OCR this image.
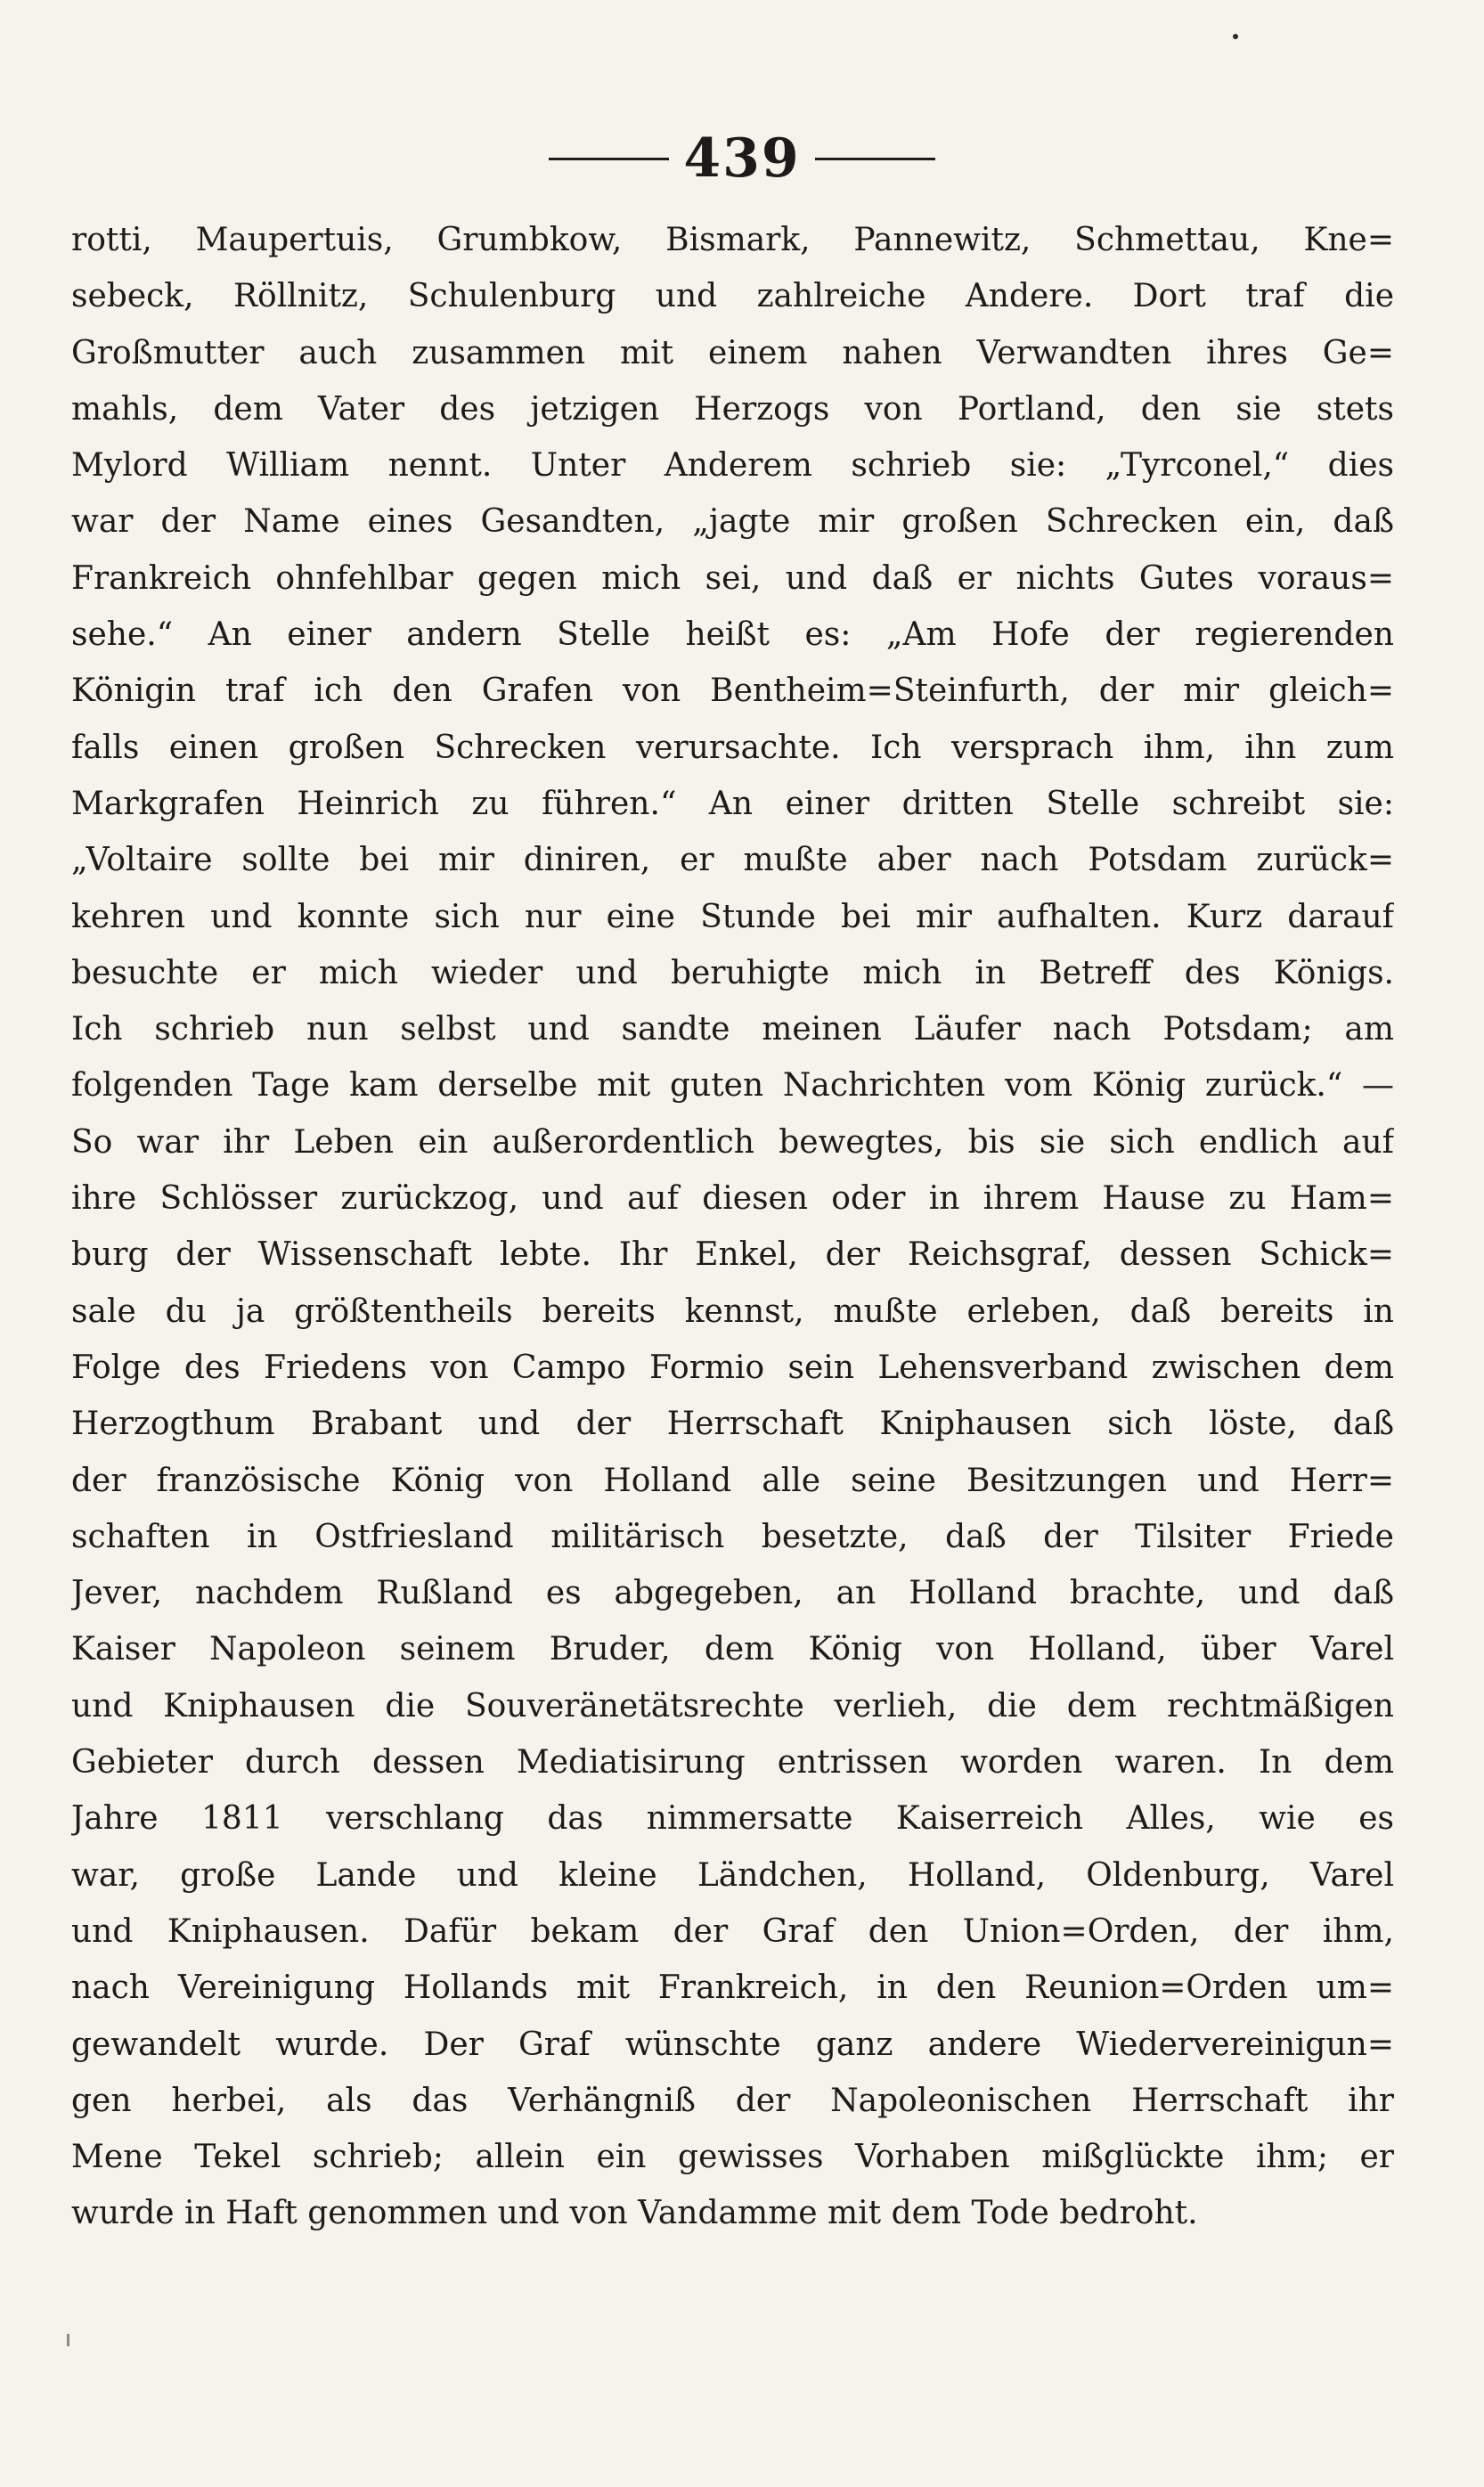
439
rotti, Maupertuis, Grumbkow, Bismark, Pannewitz, Schmettau, Kne=
sebeck, Röllnitz, Schulenburg und zahlreiche Andere. Dort traf die
Großmutter auch zusammen mit einem nahen Verwandten ihres Ge=
mahls, dem Vater des jetzigen Herzogs von Portland, den sie stets
Mylord William nennt. Unter Anderem schrieb sie: „Tyrconel,“ dies
war der Name eines Gesandten, „jagte mir großen Schrecken ein, daß
Frankreich ohnfehlbar gegen mich sei, und daß er nichts Gutes voraus=
sehe.“ An einer andern Stelle heißt es: „Am Hofe der regierenden
Königin traf ich den Grafen von Bentheim=Steinfurth, der mir gleich=
falls einen großen Schrecken verursachte. Ich versprach ihm, ihn zum
Markgrafen Heinrich zu führen.“ An einer dritten Stelle schreibt sie:
„Voltaire sollte bei mir diniren, er mußte aber nach Potsdam zurück=
kehren und konnte sich nur eine Stunde bei mir aufhalten. Kurz darauf
besuchte er mich wieder und beruhigte mich in Betreff des Königs.
Ich schrieb nun selbst und sandte meinen Läufer nach Potsdam; am
folgenden Tage kam derselbe mit guten Nachrichten vom König zurück.“ —
So war ihr Leben ein außerordentlich bewegtes, bis sie sich endlich auf
ihre Schlösser zurückzog, und auf diesen oder in ihrem Hause zu Ham=
burg der Wissenschaft lebte. Ihr Enkel, der Reichsgraf, dessen Schick=
sale du ja größtentheils bereits kennst, mußte erleben, daß bereits in
Folge des Friedens von Campo Formio sein Lehensverband zwischen dem
Herzogthum Brabant und der Herrschaft Kniphausen sich löste, daß
der französische König von Holland alle seine Besitzungen und Herr=
schaften in Ostfriesland militärisch besetzte, daß der Tilsiter Friede
Jever, nachdem Rußland es abgegeben, an Holland brachte, und daß
Kaiser Napoleon seinem Bruder, dem König von Holland, über Varel
und Kniphausen die Souveränetätsrechte verlieh, die dem rechtmäßigen
Gebieter durch dessen Mediatisirung entrissen worden waren. In dem
Jahre 1811 verschlang das nimmersatte Kaiserreich Alles, wie es
war, große Lande und kleine Ländchen, Holland, Oldenburg, Varel
und Kniphausen. Dafür bekam der Graf den Union=Orden, der ihm,
nach Vereinigung Hollands mit Frankreich, in den Reunion=Orden um=
gewandelt wurde. Der Graf wünschte ganz andere Wiedervereinigun=
gen herbei, als das Verhängniß der Napoleonischen Herrschaft ihr
Mene Tekel schrieb; allein ein gewisses Vorhaben mißglückte ihm; er
wurde in Haft genommen und von Vandamme mit dem Tode bedroht.
